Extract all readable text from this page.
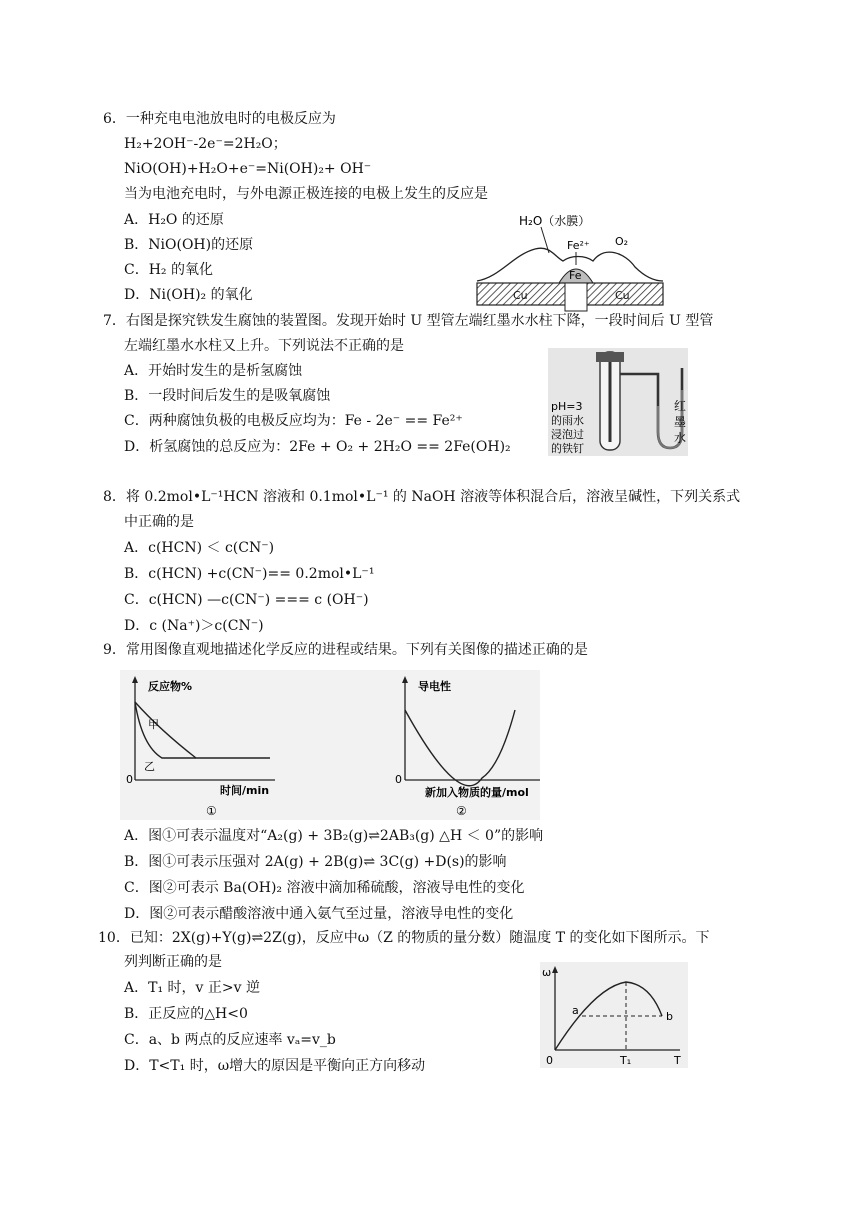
6．一种充电电池放电时的电极反应为
H₂+2OH⁻-2e⁻=2H₂O；
NiO(OH)+H₂O+e⁻=Ni(OH)₂+ OH⁻
当为电池充电时，与外电源正极连接的电极上发生的反应是
A．H₂O 的还原
B．NiO(OH)的还原
C．H₂ 的氧化
D．Ni(OH)₂ 的氧化
H₂O（水膜）
Fe²⁺ O₂
Fe
Cu	Cu
7．右图是探究铁发生腐蚀的装置图。发现开始时 U 型管左端红墨水水柱下降，一段时间后 U 型管
左端红墨水水柱又上升。下列说法不正确的是
A．开始时发生的是析氢腐蚀
B．一段时间后发生的是吸氧腐蚀
C．两种腐蚀负极的电极反应均为：Fe - 2e⁻ == Fe²⁺
D．析氢腐蚀的总反应为：2Fe + O₂ + 2H₂O == 2Fe(OH)₂
pH=3
的雨水
浸泡过
的铁钉
红
墨
水
8．将 0.2mol•L⁻¹HCN 溶液和 0.1mol•L⁻¹ 的 NaOH 溶液等体积混合后，溶液呈碱性，下列关系式
中正确的是
A．c(HCN) ＜ c(CN⁻)
B．c(HCN) +c(CN⁻)== 0.2mol•L⁻¹
C．c(HCN) —c(CN⁻) === c (OH⁻)
D．c (Na⁺)＞c(CN⁻)
9．常用图像直观地描述化学反应的进程或结果。下列有关图像的描述正确的是
反应物%
0
时间/min
①
甲
乙
导电性
0
新加入物质的量/mol
②
A．图①可表示温度对“A₂(g) + 3B₂(g)⇌2AB₃(g) △H ＜ 0”的影响
B．图①可表示压强对 2A(g) + 2B(g)⇌ 3C(g) +D(s)的影响
C．图②可表示 Ba(OH)₂ 溶液中滴加稀硫酸，溶液导电性的变化
D．图②可表示醋酸溶液中通入氨气至过量，溶液导电性的变化
10．已知：2X(g)+Y(g)⇌2Z(g)，反应中ω（Z 的物质的量分数）随温度 T 的变化如下图所示。下
列判断正确的是
A．T₁ 时，v 正>v 逆
B．正反应的△H<0
C．a、b 两点的反应速率 vₐ=v_b
D．T<T₁ 时，ω增大的原因是平衡向正方向移动
ω
0	T
T₁
a	b
